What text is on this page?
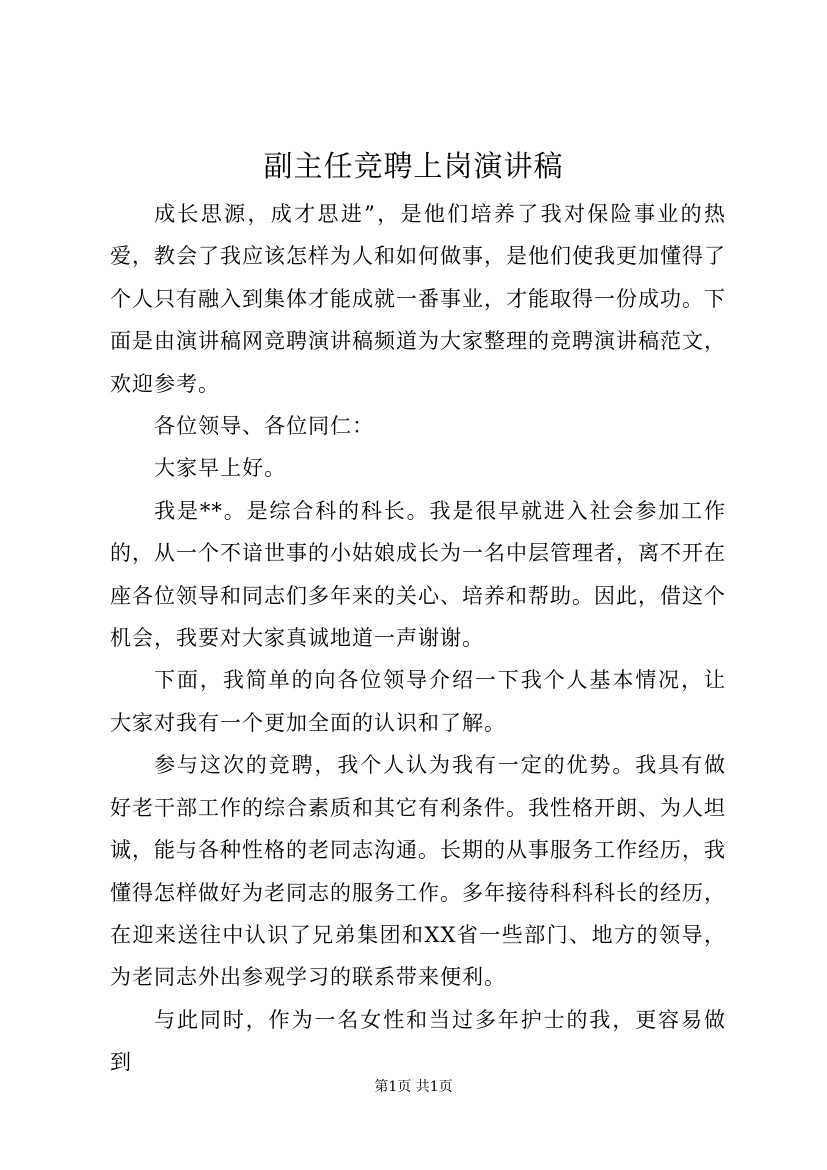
副主任竞聘上岗演讲稿

成长思源，成才思进”，是他们培养了我对保险事业的热爱，教会了我应该怎样为人和如何做事，是他们使我更加懂得了个人只有融入到集体才能成就一番事业，才能取得一份成功。下面是由演讲稿网竞聘演讲稿频道为大家整理的竞聘演讲稿范文，欢迎参考。

各位领导、各位同仁：

大家早上好。

我是**。是综合科的科长。我是很早就进入社会参加工作的，从一个不谙世事的小姑娘成长为一名中层管理者，离不开在座各位领导和同志们多年来的关心、培养和帮助。因此，借这个机会，我要对大家真诚地道一声谢谢。

下面，我简单的向各位领导介绍一下我个人基本情况，让大家对我有一个更加全面的认识和了解。

参与这次的竞聘，我个人认为我有一定的优势。我具有做好老干部工作的综合素质和其它有利条件。我性格开朗、为人坦诚，能与各种性格的老同志沟通。长期的从事服务工作经历，我懂得怎样做好为老同志的服务工作。多年接待科科科长的经历，在迎来送往中认识了兄弟集团和XX省一些部门、地方的领导，为老同志外出参观学习的联系带来便利。

与此同时，作为一名女性和当过多年护士的我，更容易做到

第1页 共1页
